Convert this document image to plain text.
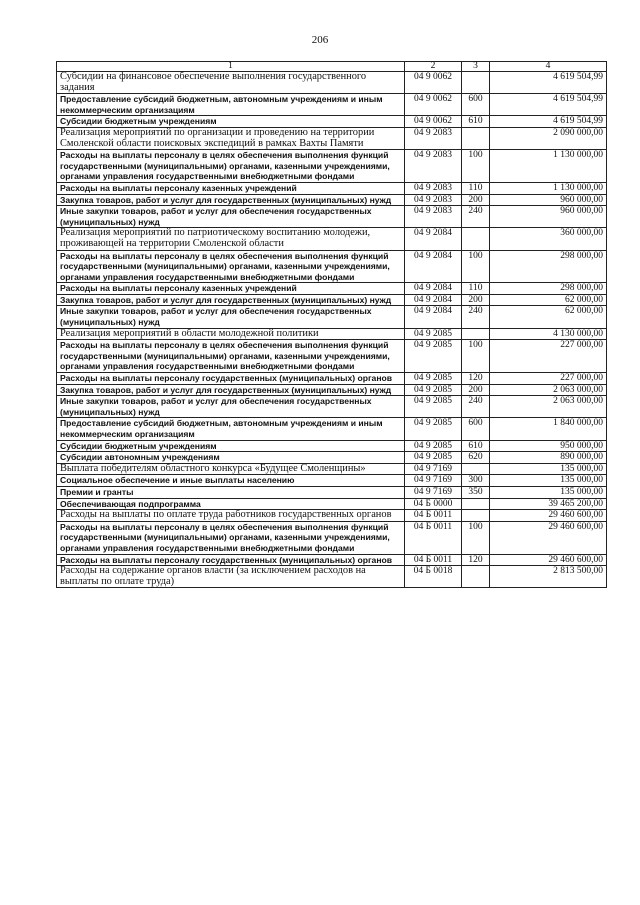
206
1	2	3	4
Субсидии на финансовое обеспечение выполнения государственного задания	04 9 0062		4 619 504,99
Предоставление субсидий бюджетным, автономным учреждениям и иным некоммерческим организациям	04 9 0062	600	4 619 504,99
Субсидии бюджетным учреждениям	04 9 0062	610	4 619 504,99
Реализация мероприятий по организации и проведению на территории Смоленской области поисковых экспедиций в рамках Вахты Памяти	04 9 2083		2 090 000,00
Расходы на выплаты персоналу в целях обеспечения выполнения функций государственными (муниципальными) органами, казенными учреждениями, органами управления государственными внебюджетными фондами	04 9 2083	100	1 130 000,00
Расходы на выплаты персоналу казенных учреждений	04 9 2083	110	1 130 000,00
Закупка товаров, работ и услуг для государственных (муниципальных) нужд	04 9 2083	200	960 000,00
Иные закупки товаров, работ и услуг для обеспечения государственных (муниципальных) нужд	04 9 2083	240	960 000,00
Реализация мероприятий по патриотическому воспитанию молодежи, проживающей на территории Смоленской области	04 9 2084		360 000,00
Расходы на выплаты персоналу в целях обеспечения выполнения функций государственными (муниципальными) органами, казенными учреждениями, органами управления государственными внебюджетными фондами	04 9 2084	100	298 000,00
Расходы на выплаты персоналу казенных учреждений	04 9 2084	110	298 000,00
Закупка товаров, работ и услуг для государственных (муниципальных) нужд	04 9 2084	200	62 000,00
Иные закупки товаров, работ и услуг для обеспечения государственных (муниципальных) нужд	04 9 2084	240	62 000,00
Реализация мероприятий в области молодежной политики	04 9 2085		4 130 000,00
Расходы на выплаты персоналу в целях обеспечения выполнения функций государственными (муниципальными) органами, казенными учреждениями, органами управления государственными внебюджетными фондами	04 9 2085	100	227 000,00
Расходы на выплаты персоналу государственных (муниципальных) органов	04 9 2085	120	227 000,00
Закупка товаров, работ и услуг для государственных (муниципальных) нужд	04 9 2085	200	2 063 000,00
Иные закупки товаров, работ и услуг для обеспечения государственных (муниципальных) нужд	04 9 2085	240	2 063 000,00
Предоставление субсидий бюджетным, автономным учреждениям и иным некоммерческим организациям	04 9 2085	600	1 840 000,00
Субсидии бюджетным учреждениям	04 9 2085	610	950 000,00
Субсидии автономным учреждениям	04 9 2085	620	890 000,00
Выплата победителям областного конкурса «Будущее Смоленщины»	04 9 7169		135 000,00
Социальное обеспечение и иные выплаты населению	04 9 7169	300	135 000,00
Премии и гранты	04 9 7169	350	135 000,00
Обеспечивающая подпрограмма	04 Б 0000		39 465 200,00
Расходы на выплаты по оплате труда работников государственных органов	04 Б 0011		29 460 600,00
Расходы на выплаты персоналу в целях обеспечения выполнения функций государственными (муниципальными) органами, казенными учреждениями, органами управления государственными внебюджетными фондами	04 Б 0011	100	29 460 600,00
Расходы на выплаты персоналу государственных (муниципальных) органов	04 Б 0011	120	29 460 600,00
Расходы на содержание органов власти (за исключением расходов на выплаты по оплате труда)	04 Б 0018		2 813 500,00
